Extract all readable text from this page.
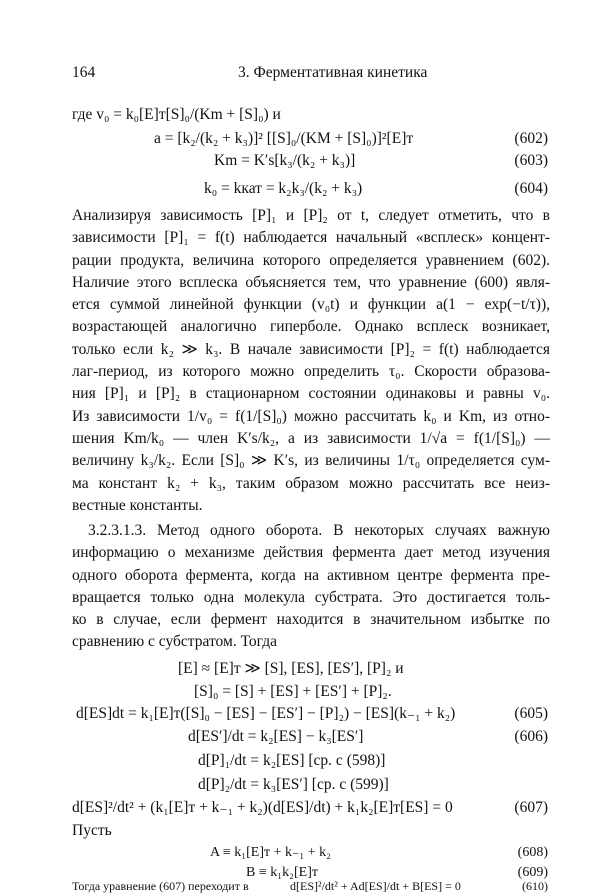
164	3. Ферментативная кинетика
где v₀ = k₀[E]т[S]₀/(Km + [S]₀) и
a = [k₂/(k₂ + k₃)]² [[S]₀/(KM + [S]₀)]²[E]т	(602)
Km = K′s[k₃/(k₂ + k₃)]	(603)
k₀ = kкат = k₂k₃/(k₂ + k₃)	(604)
Анализируя зависимость [P]₁ и [P]₂ от t, следует отметить, что в
зависимости [P]₁ = f(t) наблюдается начальный «всплеск» концент-
рации продукта, величина которого определяется уравнением (602).
Наличие этого всплеска объясняется тем, что уравнение (600) явля-
ется суммой линейной функции (v₀t) и функции a(1 − exp(−t/τ)),
возрастающей аналогично гиперболе. Однако всплеск возникает,
только если k₂ ≫ k₃. В начале зависимости [P]₂ = f(t) наблюдается
лаг-период, из которого можно определить τ₀. Скорости образова-
ния [P]₁ и [P]₂ в стационарном состоянии одинаковы и равны v₀.
Из зависимости 1/v₀ = f(1/[S]₀) можно рассчитать k₀ и Km, из отно-
шения Km/k₀ — член K′s/k₂, а из зависимости 1/√a = f(1/[S]₀) —
величину k₃/k₂. Если [S]₀ ≫ K′s, из величины 1/τ₀ определяется сум-
ма констант k₂ + k₃, таким образом можно рассчитать все неиз-
вестные константы.
3.2.3.1.3. Метод одного оборота. В некоторых случаях важную
информацию о механизме действия фермента дает метод изучения
одного оборота фермента, когда на активном центре фермента пре-
вращается только одна молекула субстрата. Это достигается толь-
ко в случае, если фермент находится в значительном избытке по
сравнению с субстратом. Тогда
[E] ≈ [E]т ≫ [S], [ES], [ES′], [P]₂ и
[S]₀ = [S] + [ES] + [ES′] + [P]₂.
d[ES]dt = k₁[E]т([S]₀ − [ES] − [ES′] − [P]₂) − [ES](k₋₁ + k₂)	(605)
d[ES′]/dt = k₂[ES] − k₃[ES′]	(606)
d[P]₁/dt = k₂[ES] [ср. с (598)]
d[P]₂/dt = k₃[ES′] [ср. с (599)]
d[ES]²/dt² + (k₁[E]т + k₋₁ + k₂)(d[ES]/dt) + k₁k₂[E]т[ES] = 0	(607)
Пусть
A ≡ k₁[E]т + k₋₁ + k₂	(608)
B ≡ k₁k₂[E]т	(609)
Тогда уравнение (607) переходит в	d[ES]²/dt² + Ad[ES]/dt + B[ES] = 0	(610)
